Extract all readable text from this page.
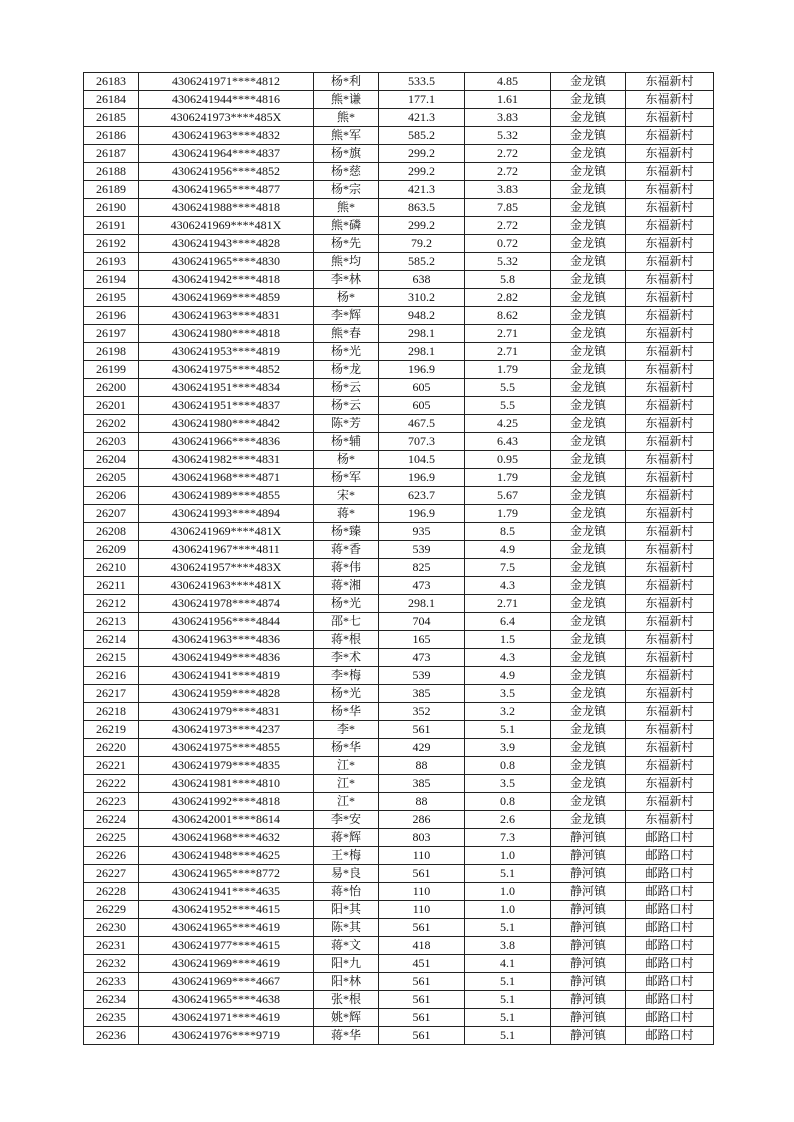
26183	4306241971****4812	杨*利	533.5	4.85	金龙镇	东福新村
26184	4306241944****4816	熊*谦	177.1	1.61	金龙镇	东福新村
26185	4306241973****485X	熊*	421.3	3.83	金龙镇	东福新村
26186	4306241963****4832	熊*军	585.2	5.32	金龙镇	东福新村
26187	4306241964****4837	杨*旗	299.2	2.72	金龙镇	东福新村
26188	4306241956****4852	杨*慈	299.2	2.72	金龙镇	东福新村
26189	4306241965****4877	杨*宗	421.3	3.83	金龙镇	东福新村
26190	4306241988****4818	熊*	863.5	7.85	金龙镇	东福新村
26191	4306241969****481X	熊*磷	299.2	2.72	金龙镇	东福新村
26192	4306241943****4828	杨*先	79.2	0.72	金龙镇	东福新村
26193	4306241965****4830	熊*均	585.2	5.32	金龙镇	东福新村
26194	4306241942****4818	李*林	638	5.8	金龙镇	东福新村
26195	4306241969****4859	杨*	310.2	2.82	金龙镇	东福新村
26196	4306241963****4831	李*辉	948.2	8.62	金龙镇	东福新村
26197	4306241980****4818	熊*春	298.1	2.71	金龙镇	东福新村
26198	4306241953****4819	杨*光	298.1	2.71	金龙镇	东福新村
26199	4306241975****4852	杨*龙	196.9	1.79	金龙镇	东福新村
26200	4306241951****4834	杨*云	605	5.5	金龙镇	东福新村
26201	4306241951****4837	杨*云	605	5.5	金龙镇	东福新村
26202	4306241980****4842	陈*芳	467.5	4.25	金龙镇	东福新村
26203	4306241966****4836	杨*辅	707.3	6.43	金龙镇	东福新村
26204	4306241982****4831	杨*	104.5	0.95	金龙镇	东福新村
26205	4306241968****4871	杨*军	196.9	1.79	金龙镇	东福新村
26206	4306241989****4855	宋*	623.7	5.67	金龙镇	东福新村
26207	4306241993****4894	蒋*	196.9	1.79	金龙镇	东福新村
26208	4306241969****481X	杨*臻	935	8.5	金龙镇	东福新村
26209	4306241967****4811	蒋*香	539	4.9	金龙镇	东福新村
26210	4306241957****483X	蒋*伟	825	7.5	金龙镇	东福新村
26211	4306241963****481X	蒋*湘	473	4.3	金龙镇	东福新村
26212	4306241978****4874	杨*光	298.1	2.71	金龙镇	东福新村
26213	4306241956****4844	邵*七	704	6.4	金龙镇	东福新村
26214	4306241963****4836	蒋*根	165	1.5	金龙镇	东福新村
26215	4306241949****4836	李*术	473	4.3	金龙镇	东福新村
26216	4306241941****4819	李*梅	539	4.9	金龙镇	东福新村
26217	4306241959****4828	杨*光	385	3.5	金龙镇	东福新村
26218	4306241979****4831	杨*华	352	3.2	金龙镇	东福新村
26219	4306241973****4237	李*	561	5.1	金龙镇	东福新村
26220	4306241975****4855	杨*华	429	3.9	金龙镇	东福新村
26221	4306241979****4835	江*	88	0.8	金龙镇	东福新村
26222	4306241981****4810	江*	385	3.5	金龙镇	东福新村
26223	4306241992****4818	江*	88	0.8	金龙镇	东福新村
26224	4306242001****8614	李*安	286	2.6	金龙镇	东福新村
26225	4306241968****4632	蒋*辉	803	7.3	静河镇	邮路口村
26226	4306241948****4625	王*梅	110	1.0	静河镇	邮路口村
26227	4306241965****8772	易*良	561	5.1	静河镇	邮路口村
26228	4306241941****4635	蒋*怡	110	1.0	静河镇	邮路口村
26229	4306241952****4615	阳*其	110	1.0	静河镇	邮路口村
26230	4306241965****4619	陈*其	561	5.1	静河镇	邮路口村
26231	4306241977****4615	蒋*文	418	3.8	静河镇	邮路口村
26232	4306241969****4619	阳*九	451	4.1	静河镇	邮路口村
26233	4306241969****4667	阳*林	561	5.1	静河镇	邮路口村
26234	4306241965****4638	张*根	561	5.1	静河镇	邮路口村
26235	4306241971****4619	姚*辉	561	5.1	静河镇	邮路口村
26236	4306241976****9719	蒋*华	561	5.1	静河镇	邮路口村
